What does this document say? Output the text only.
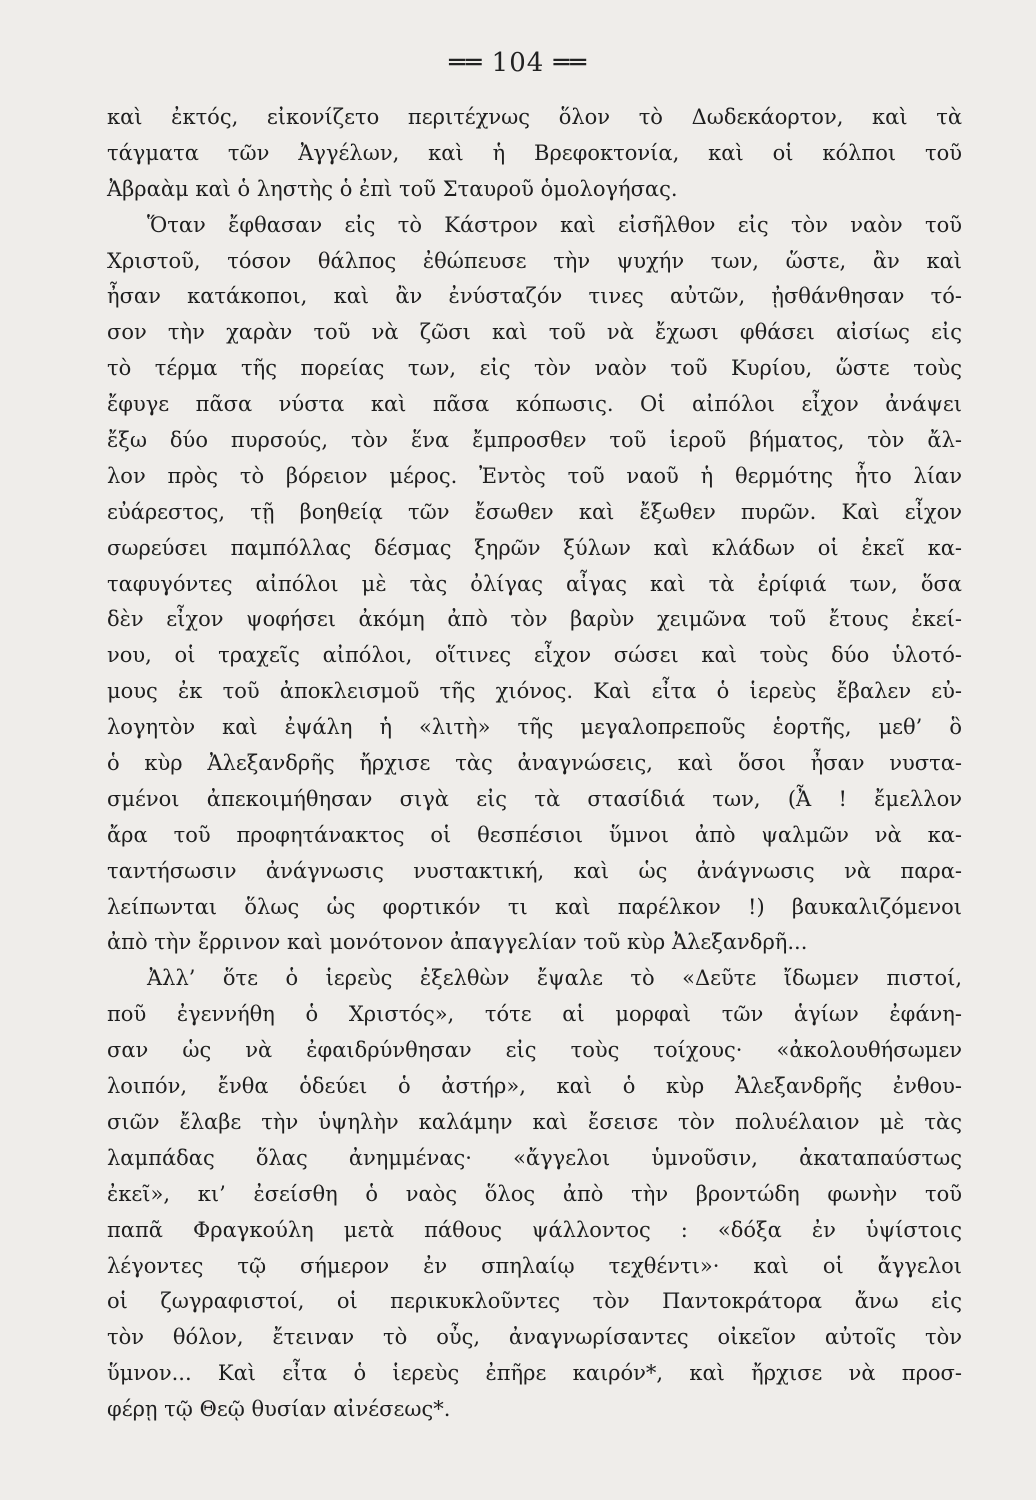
══ 104 ══
καὶ ἐκτός, εἰκονίζετο περιτέχνως ὅλον τὸ Δωδεκάορτον, καὶ τὰ
τάγματα τῶν Ἀγγέλων, καὶ ἡ Βρεφοκτονία, καὶ οἱ κόλποι τοῦ
Ἀβραὰμ καὶ ὁ ληστὴς ὁ ἐπὶ τοῦ Σταυροῦ ὁμολογήσας.
Ὅταν ἔφθασαν εἰς τὸ Κάστρον καὶ εἰσῆλθον εἰς τὸν ναὸν τοῦ
Χριστοῦ, τόσον θάλπος ἐθώπευσε τὴν ψυχήν των, ὥστε, ἂν καὶ
ἦσαν κατάκοποι, καὶ ἂν ἐνύσταζόν τινες αὐτῶν, ᾐσθάνθησαν τό-
σον τὴν χαρὰν τοῦ νὰ ζῶσι καὶ τοῦ νὰ ἔχωσι φθάσει αἰσίως εἰς
τὸ τέρμα τῆς πορείας των, εἰς τὸν ναὸν τοῦ Κυρίου, ὥστε τοὺς
ἔφυγε πᾶσα νύστα καὶ πᾶσα κόπωσις. Οἱ αἰπόλοι εἶχον ἀνάψει
ἔξω δύο πυρσούς, τὸν ἕνα ἔμπροσθεν τοῦ ἱεροῦ βήματος, τὸν ἄλ-
λον πρὸς τὸ βόρειον μέρος. Ἐντὸς τοῦ ναοῦ ἡ θερμότης ἦτο λίαν
εὐάρεστος, τῇ βοηθείᾳ τῶν ἔσωθεν καὶ ἔξωθεν πυρῶν. Καὶ εἶχον
σωρεύσει παμπόλλας δέσμας ξηρῶν ξύλων καὶ κλάδων οἱ ἐκεῖ κα-
ταφυγόντες αἰπόλοι μὲ τὰς ὀλίγας αἶγας καὶ τὰ ἐρίφιά των, ὅσα
δὲν εἶχον ψοφήσει ἀκόμη ἀπὸ τὸν βαρὺν χειμῶνα τοῦ ἔτους ἐκεί-
νου, οἱ τραχεῖς αἰπόλοι, οἵτινες εἶχον σώσει καὶ τοὺς δύο ὑλοτό-
μους ἐκ τοῦ ἀποκλεισμοῦ τῆς χιόνος. Καὶ εἶτα ὁ ἱερεὺς ἔβαλεν εὐ-
λογητὸν καὶ ἐψάλη ἡ «λιτὴ» τῆς μεγαλοπρεποῦς ἑορτῆς, μεθ’ ὃ
ὁ κὺρ Ἀλεξανδρῆς ἤρχισε τὰς ἀναγνώσεις, καὶ ὅσοι ἦσαν νυστα-
σμένοι ἀπεκοιμήθησαν σιγὰ εἰς τὰ στασίδιά των, (Ἆ ! ἔμελλον
ἄρα τοῦ προφητάνακτος οἱ θεσπέσιοι ὕμνοι ἀπὸ ψαλμῶν νὰ κα-
ταντήσωσιν ἀνάγνωσις νυστακτική, καὶ ὡς ἀνάγνωσις νὰ παρα-
λείπωνται ὅλως ὡς φορτικόν τι καὶ παρέλκον !) βαυκαλιζόμενοι
ἀπὸ τὴν ἔρρινον καὶ μονότονον ἀπαγγελίαν τοῦ κὺρ Ἀλεξανδρῆ...
Ἀλλ’ ὅτε ὁ ἱερεὺς ἐξελθὼν ἔψαλε τὸ «Δεῦτε ἴδωμεν πιστοί,
ποῦ ἐγεννήθη ὁ Χριστός», τότε αἱ μορφαὶ τῶν ἁγίων ἐφάνη-
σαν ὡς νὰ ἐφαιδρύνθησαν εἰς τοὺς τοίχους· «ἀκολουθήσωμεν
λοιπόν, ἔνθα ὁδεύει ὁ ἀστήρ», καὶ ὁ κὺρ Ἀλεξανδρῆς ἐνθου-
σιῶν ἔλαβε τὴν ὑψηλὴν καλάμην καὶ ἔσεισε τὸν πολυέλαιον μὲ τὰς
λαμπάδας ὅλας ἀνημμένας· «ἄγγελοι ὑμνοῦσιν, ἀκαταπαύστως
ἐκεῖ», κι’ ἐσείσθη ὁ ναὸς ὅλος ἀπὸ τὴν βροντώδη φωνὴν τοῦ
παπᾶ Φραγκούλη μετὰ πάθους ψάλλοντος : «δόξα ἐν ὑψίστοις
λέγοντες τῷ σήμερον ἐν σπηλαίῳ τεχθέντι»· καὶ οἱ ἄγγελοι
οἱ ζωγραφιστοί, οἱ περικυκλοῦντες τὸν Παντοκράτορα ἄνω εἰς
τὸν θόλον, ἔτειναν τὸ οὖς, ἀναγνωρίσαντες οἰκεῖον αὐτοῖς τὸν
ὕμνον... Καὶ εἶτα ὁ ἱερεὺς ἐπῆρε καιρόν*, καὶ ἤρχισε νὰ προσ-
φέρῃ τῷ Θεῷ θυσίαν αἰνέσεως*.
